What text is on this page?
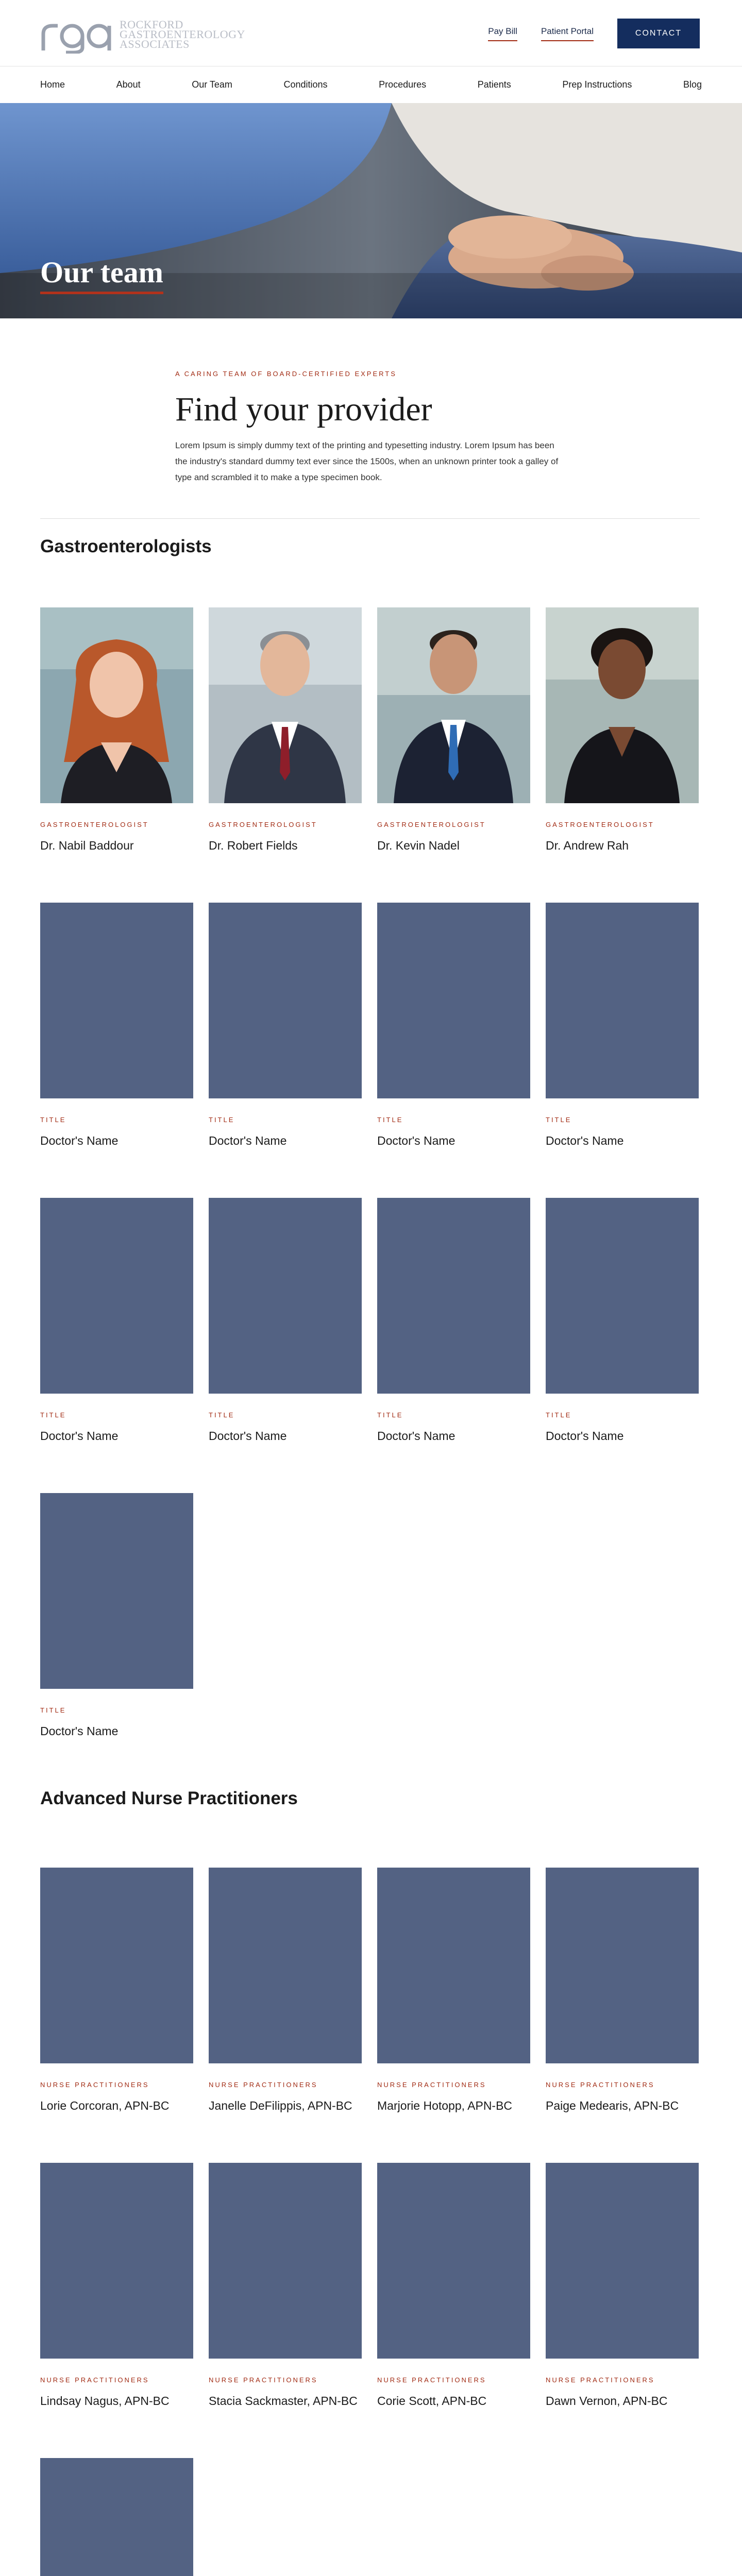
ROCKFORD
GASTROENTEROLOGY
ASSOCIATES
Pay Bill	Patient Portal	CONTACT
Home	About	Our Team	Conditions	Procedures	Patients	Prep Instructions	Blog
Our team
A CARING TEAM OF BOARD-CERTIFIED EXPERTS
Find your provider

Lorem Ipsum is simply dummy text of the printing and typesetting industry. Lorem Ipsum has been the industry's standard dummy text ever since the 1500s, when an unknown printer took a galley of type and scrambled it to make a type specimen book.

Gastroenterologists
GASTROENTEROLOGIST
Dr. Nabil Baddour
GASTROENTEROLOGIST
Dr. Robert Fields
GASTROENTEROLOGIST
Dr. Kevin Nadel
GASTROENTEROLOGIST
Dr. Andrew Rah
TITLE
Doctor's Name
TITLE
Doctor's Name
TITLE
Doctor's Name
TITLE
Doctor's Name
TITLE
Doctor's Name
TITLE
Doctor's Name
TITLE
Doctor's Name
TITLE
Doctor's Name
TITLE
Doctor's Name
Advanced Nurse Practitioners
NURSE PRACTITIONERS
Lorie Corcoran, APN-BC
NURSE PRACTITIONERS
Janelle DeFilippis, APN-BC
NURSE PRACTITIONERS
Marjorie Hotopp, APN-BC
NURSE PRACTITIONERS
Paige Medearis, APN-BC
NURSE PRACTITIONERS
Lindsay Nagus, APN-BC
NURSE PRACTITIONERS
Stacia Sackmaster, APN-BC
NURSE PRACTITIONERS
Corie Scott, APN-BC
NURSE PRACTITIONERS
Dawn Vernon, APN-BC
